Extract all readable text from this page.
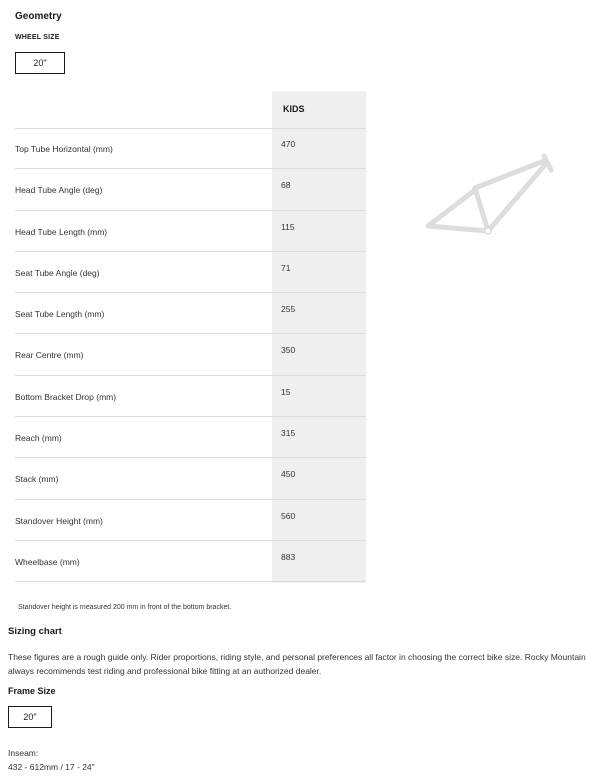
Geometry
WHEEL SIZE
20"
KIDS
Top Tube Horizontal (mm)	470
Head Tube Angle (deg)	68
Head Tube Length (mm)	115
Seat Tube Angle (deg)	71
Seat Tube Length (mm)	255
Rear Centre (mm)	350
Bottom Bracket Drop (mm)	15
Reach (mm)	315
Stack (mm)	450
Standover Height (mm)	560
Wheelbase (mm)	883
Standover height is measured 200 mm in front of the bottom bracket.
Sizing chart
These figures are a rough guide only. Rider proportions, riding style, and personal preferences all factor in choosing the correct bike size. Rocky Mountain always recommends test riding and professional bike fitting at an authorized dealer.
Frame Size
20"
Inseam:
432 - 612mm / 17 - 24"
